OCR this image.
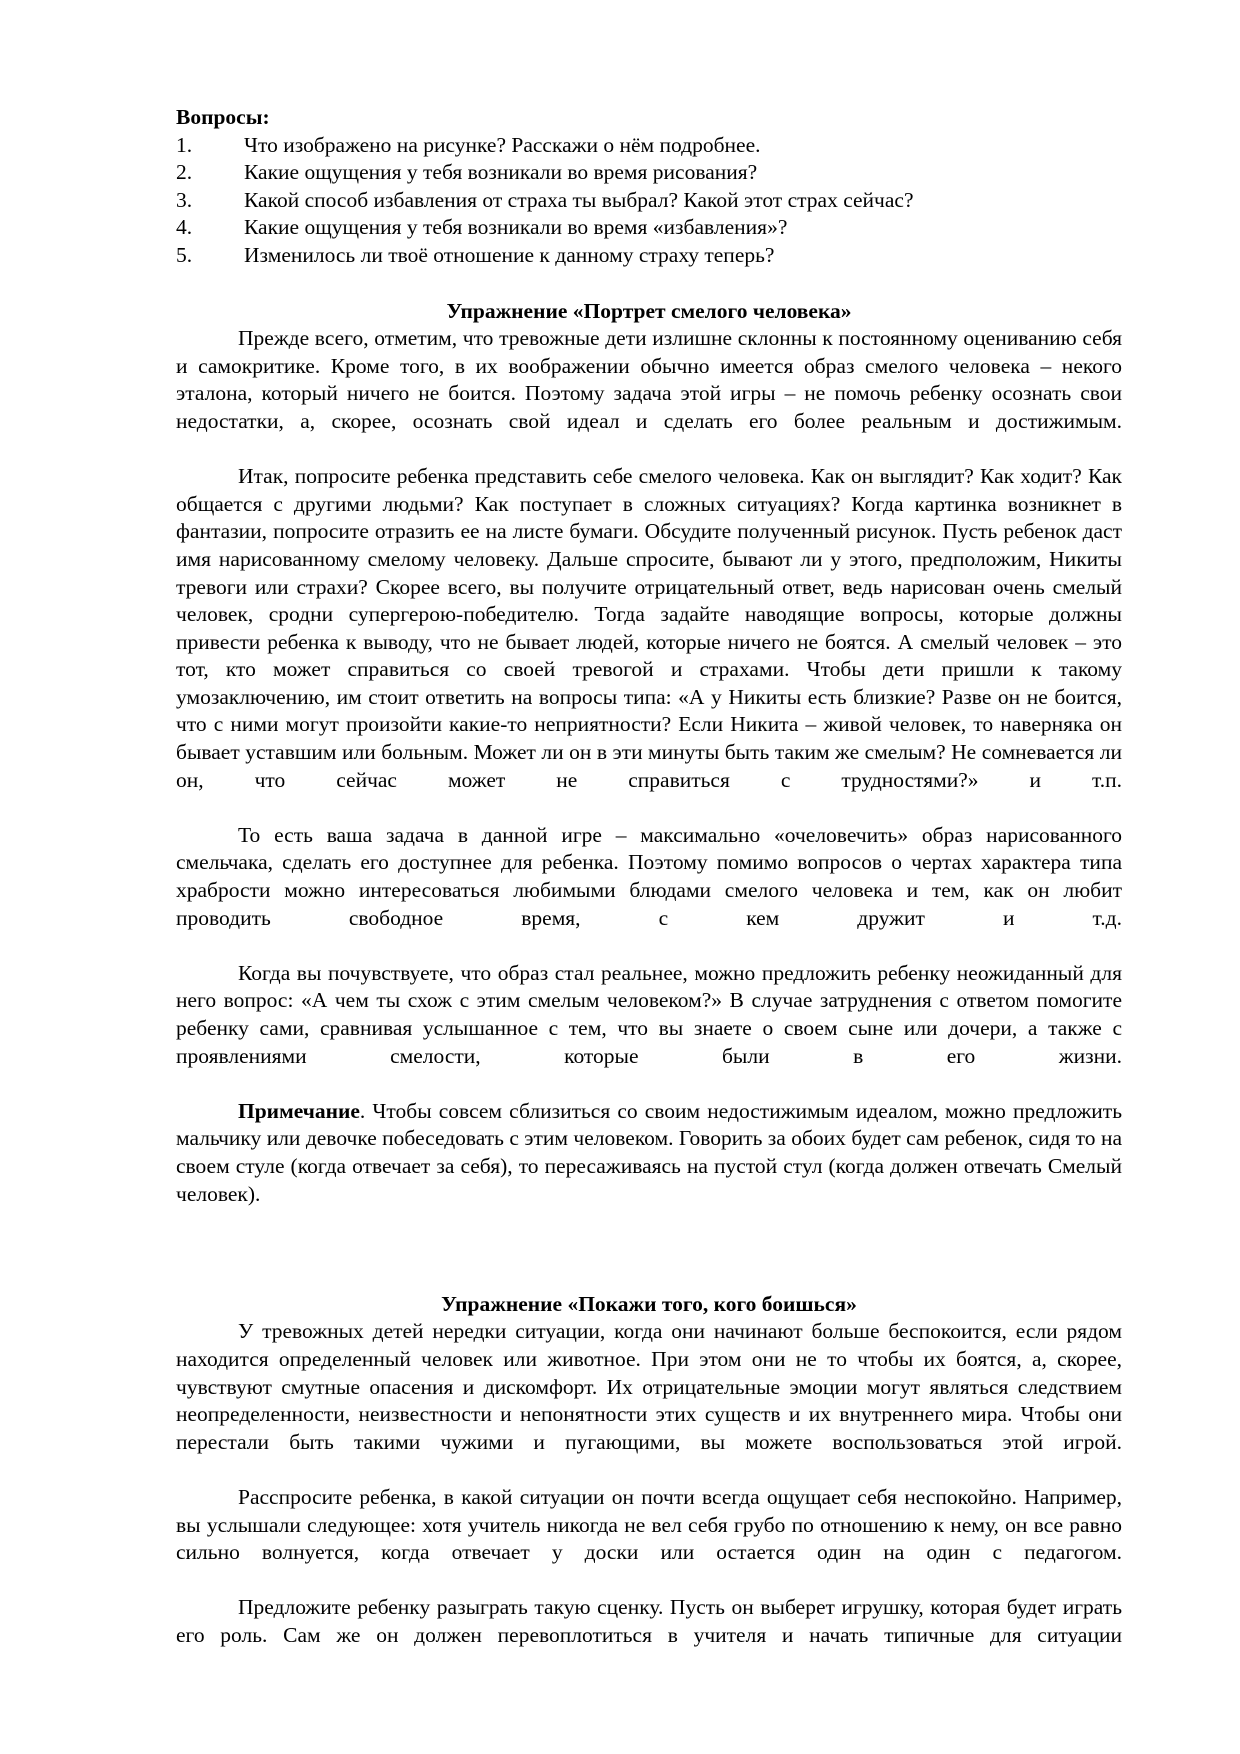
Вопросы:
1.	Что изображено на рисунке? Расскажи о нём подробнее.
2.	Какие ощущения у тебя возникали во время рисования?
3.	Какой способ избавления от страха ты выбрал? Какой этот страх сейчас?
4.	Какие ощущения у тебя возникали во время «избавления»?
5.	Изменилось ли твоё отношение к данному страху теперь?
Упражнение «Портрет смелого человека»

Прежде всего, отметим, что тревожные дети излишне склонны к постоянному оцениванию себя и самокритике. Кроме того, в их воображении обычно имеется образ смелого человека – некого эталона, который ничего не боится. Поэтому задача этой игры – не помочь ребенку осознать свои недостатки, а, скорее, осознать свой идеал и сделать его более реальным и достижимым.

Итак, попросите ребенка представить себе смелого человека. Как он выглядит? Как ходит? Как общается с другими людьми? Как поступает в сложных ситуациях? Когда картинка возникнет в фантазии, попросите отразить ее на листе бумаги. Обсудите полученный рисунок. Пусть ребенок даст имя нарисованному смелому человеку. Дальше спросите, бывают ли у этого, предположим, Никиты тревоги или страхи? Скорее всего, вы получите отрицательный ответ, ведь нарисован очень смелый человек, сродни супергерою-победителю. Тогда задайте наводящие вопросы, которые должны привести ребенка к выводу, что не бывает людей, которые ничего не боятся. А смелый человек – это тот, кто может справиться со своей тревогой и страхами. Чтобы дети пришли к такому умозаключению, им стоит ответить на вопросы типа: «А у Никиты есть близкие? Разве он не боится, что с ними могут произойти какие-то неприятности? Если Никита – живой человек, то наверняка он бывает уставшим или больным. Может ли он в эти минуты быть таким же смелым? Не сомневается ли он, что сейчас может не справиться с трудностями?» и т.п.

То есть ваша задача в данной игре – максимально «очеловечить» образ нарисованного смельчака, сделать его доступнее для ребенка. Поэтому помимо вопросов о чертах характера типа храбрости можно интересоваться любимыми блюдами смелого человека и тем, как он любит проводить свободное время, с кем дружит и т.д.

Когда вы почувствуете, что образ стал реальнее, можно предложить ребенку неожиданный для него вопрос: «А чем ты схож с этим смелым человеком?» В случае затруднения с ответом помогите ребенку сами, сравнивая услышанное с тем, что вы знаете о своем сыне или дочери, а также с проявлениями смелости, которые были в его жизни.

Примечание. Чтобы совсем сблизиться со своим недостижимым идеалом, можно предложить мальчику или девочке побеседовать с этим человеком. Говорить за обоих будет сам ребенок, сидя то на своем стуле (когда отвечает за себя), то пересаживаясь на пустой стул (когда должен отвечать Смелый человек).

Упражнение «Покажи того, кого боишься»

У тревожных детей нередки ситуации, когда они начинают больше беспокоится, если рядом находится определенный человек или животное. При этом они не то чтобы их боятся, а, скорее, чувствуют смутные опасения и дискомфорт. Их отрицательные эмоции могут являться следствием неопределенности, неизвестности и непонятности этих существ и их внутреннего мира. Чтобы они перестали быть такими чужими и пугающими, вы можете воспользоваться этой игрой.

Расспросите ребенка, в какой ситуации он почти всегда ощущает себя неспокойно. Например, вы услышали следующее: хотя учитель никогда не вел себя грубо по отношению к нему, он все равно сильно волнуется, когда отвечает у доски или остается один на один с педагогом.

Предложите ребенку разыграть такую сценку. Пусть он выберет игрушку, которая будет играть его роль. Сам же он должен перевоплотиться в учителя и начать типичные для ситуации
